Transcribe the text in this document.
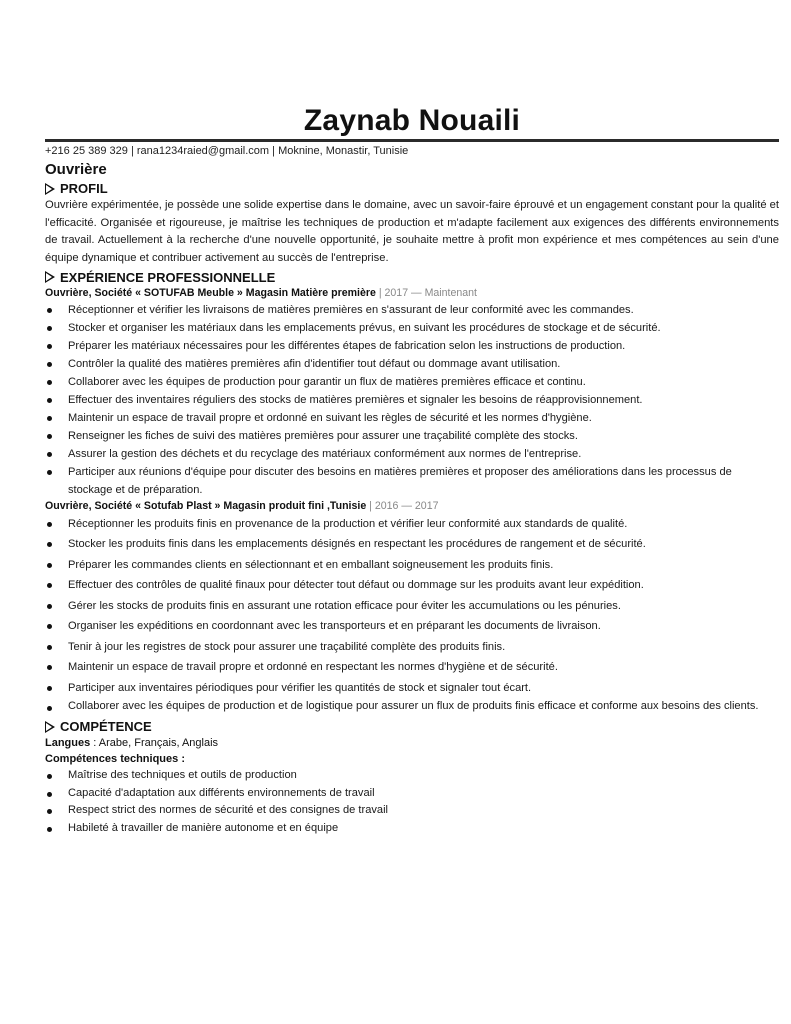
Zaynab Nouaili
+216 25 389 329 | rana1234raied@gmail.com | Moknine, Monastir, Tunisie
Ouvrière
PROFIL
Ouvrière expérimentée, je possède une solide expertise dans le domaine, avec un savoir-faire éprouvé et un engagement constant pour la qualité et l'efficacité. Organisée et rigoureuse, je maîtrise les techniques de production et m'adapte facilement aux exigences des différents environnements de travail. Actuellement à la recherche d'une nouvelle opportunité, je souhaite mettre à profit mon expérience et mes compétences au sein d'une équipe dynamique et contribuer activement au succès de l'entreprise.
EXPÉRIENCE PROFESSIONNELLE
Ouvrière, Société « SOTUFAB Meuble » Magasin Matière première | 2017 — Maintenant
Réceptionner et vérifier les livraisons de matières premières en s'assurant de leur conformité avec les commandes.
Stocker et organiser les matériaux dans les emplacements prévus, en suivant les procédures de stockage et de sécurité.
Préparer les matériaux nécessaires pour les différentes étapes de fabrication selon les instructions de production.
Contrôler la qualité des matières premières afin d'identifier tout défaut ou dommage avant utilisation.
Collaborer avec les équipes de production pour garantir un flux de matières premières efficace et continu.
Effectuer des inventaires réguliers des stocks de matières premières et signaler les besoins de réapprovisionnement.
Maintenir un espace de travail propre et ordonné en suivant les règles de sécurité et les normes d'hygiène.
Renseigner les fiches de suivi des matières premières pour assurer une traçabilité complète des stocks.
Assurer la gestion des déchets et du recyclage des matériaux conformément aux normes de l'entreprise.
Participer aux réunions d'équipe pour discuter des besoins en matières premières et proposer des améliorations dans les processus de stockage et de préparation.
Ouvrière, Société « Sotufab Plast » Magasin produit fini ,Tunisie | 2016 — 2017
Réceptionner les produits finis en provenance de la production et vérifier leur conformité aux standards de qualité.
Stocker les produits finis dans les emplacements désignés en respectant les procédures de rangement et de sécurité.
Préparer les commandes clients en sélectionnant et en emballant soigneusement les produits finis.
Effectuer des contrôles de qualité finaux pour détecter tout défaut ou dommage sur les produits avant leur expédition.
Gérer les stocks de produits finis en assurant une rotation efficace pour éviter les accumulations ou les pénuries.
Organiser les expéditions en coordonnant avec les transporteurs et en préparant les documents de livraison.
Tenir à jour les registres de stock pour assurer une traçabilité complète des produits finis.
Maintenir un espace de travail propre et ordonné en respectant les normes d'hygiène et de sécurité.
Participer aux inventaires périodiques pour vérifier les quantités de stock et signaler tout écart.
Collaborer avec les équipes de production et de logistique pour assurer un flux de produits finis efficace et conforme aux besoins des clients.
COMPÉTENCE
Langues : Arabe, Français, Anglais
Compétences techniques :
Maîtrise des techniques et outils de production
Capacité d'adaptation aux différents environnements de travail
Respect strict des normes de sécurité et des consignes de travail
Habileté à travailler de manière autonome et en équipe
